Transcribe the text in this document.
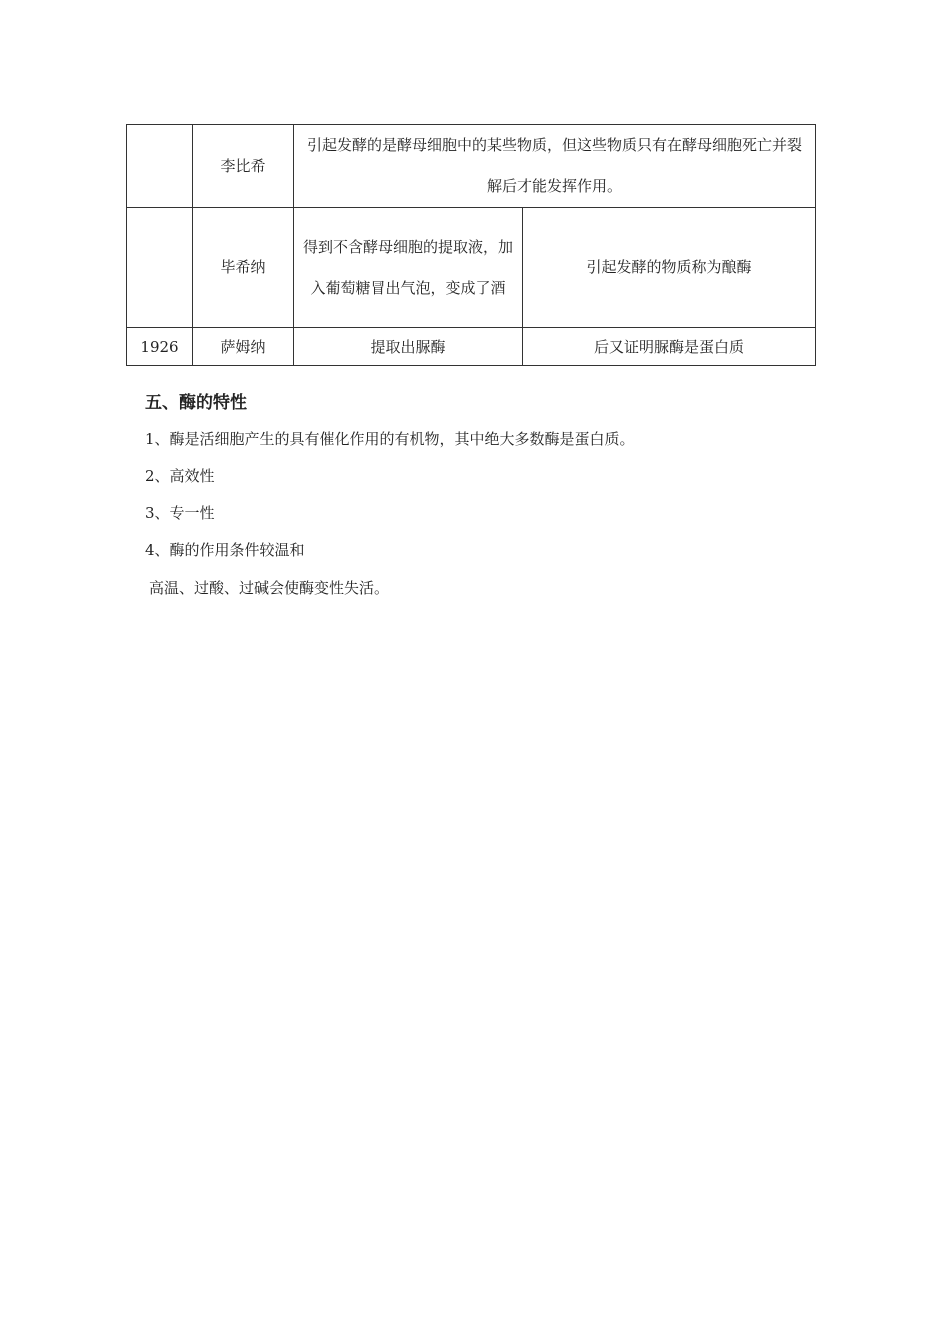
	李比希	引起发酵的是酵母细胞中的某些物质，但这些物质只有在酵母细胞死亡并裂解后才能发挥作用。	
	毕希纳	得到不含酵母细胞的提取液，加入葡萄糖冒出气泡，变成了酒	引起发酵的物质称为酿酶
1926	萨姆纳	提取出脲酶	后又证明脲酶是蛋白质
五、酶的特性
1、酶是活细胞产生的具有催化作用的有机物，其中绝大多数酶是蛋白质。
2、高效性
3、专一性
4、酶的作用条件较温和
高温、过酸、过碱会使酶变性失活。
